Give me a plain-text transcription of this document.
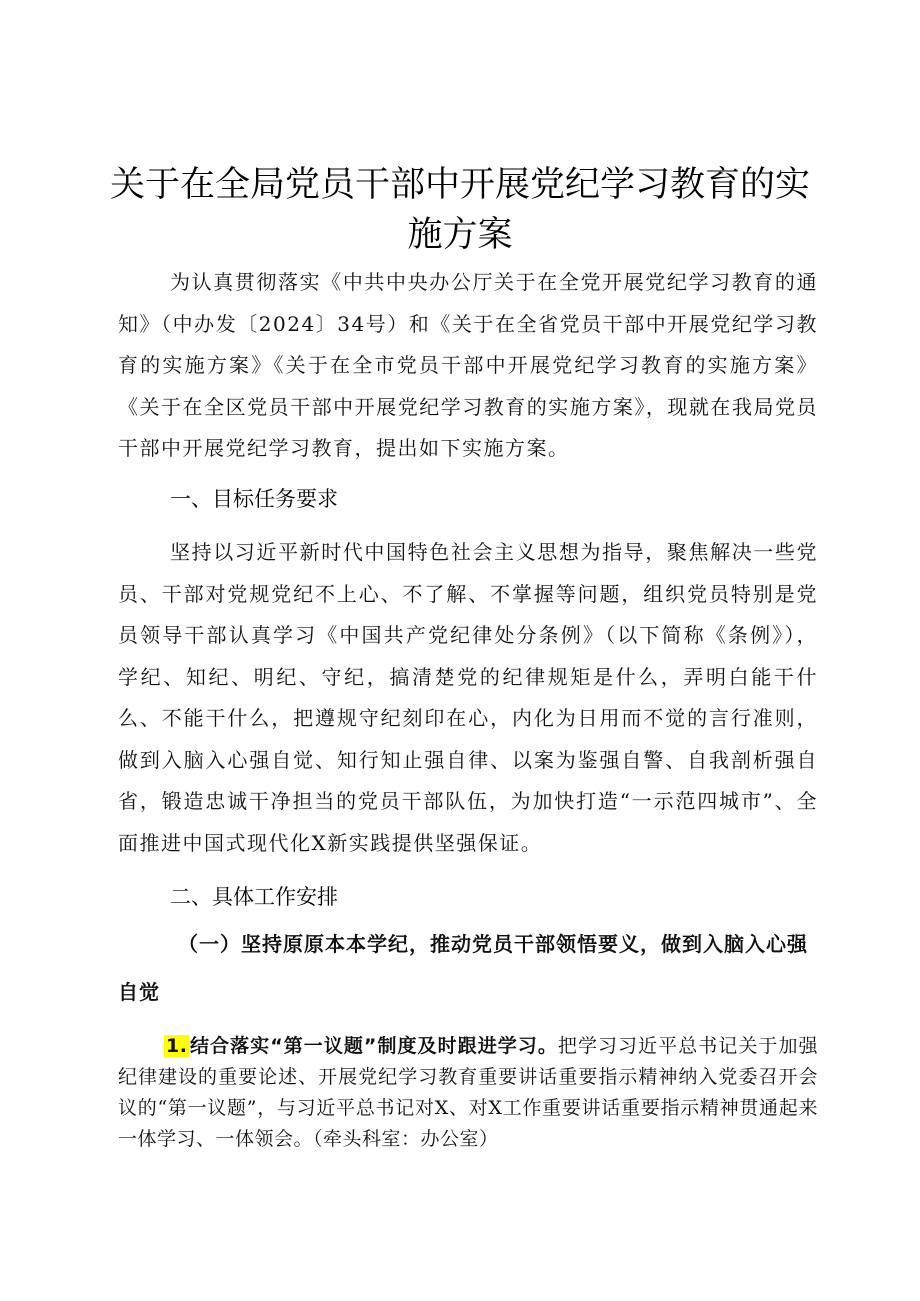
关于在全局党员干部中开展党纪学习教育的实
施方案

为认真贯彻落实《中共中央办公厅关于在全党开展党纪学习教育的通知》（中办发〔2024〕34号）和《关于在全省党员干部中开展党纪学习教育的实施方案》《关于在全市党员干部中开展党纪学习教育的实施方案》《关于在全区党员干部中开展党纪学习教育的实施方案》，现就在我局党员干部中开展党纪学习教育，提出如下实施方案。

一、目标任务要求

坚持以习近平新时代中国特色社会主义思想为指导，聚焦解决一些党员、干部对党规党纪不上心、不了解、不掌握等问题，组织党员特别是党员领导干部认真学习《中国共产党纪律处分条例》（以下简称《条例》），学纪、知纪、明纪、守纪，搞清楚党的纪律规矩是什么，弄明白能干什么、不能干什么，把遵规守纪刻印在心，内化为日用而不觉的言行准则，做到入脑入心强自觉、知行知止强自律、以案为鉴强自警、自我剖析强自省，锻造忠诚干净担当的党员干部队伍，为加快打造“一示范四城市”、全面推进中国式现代化X新实践提供坚强保证。

二、具体工作安排

（一）坚持原原本本学纪，推动党员干部领悟要义，做到入脑入心强自觉

1. 结合落实“第一议题”制度及时跟进学习。把学习习近平总书记关于加强纪律建设的重要论述、开展党纪学习教育重要讲话重要指示精神纳入党委召开会议的“第一议题”，与习近平总书记对X、对X工作重要讲话重要指示精神贯通起来一体学习、一体领会。（牵头科室：办公室）
